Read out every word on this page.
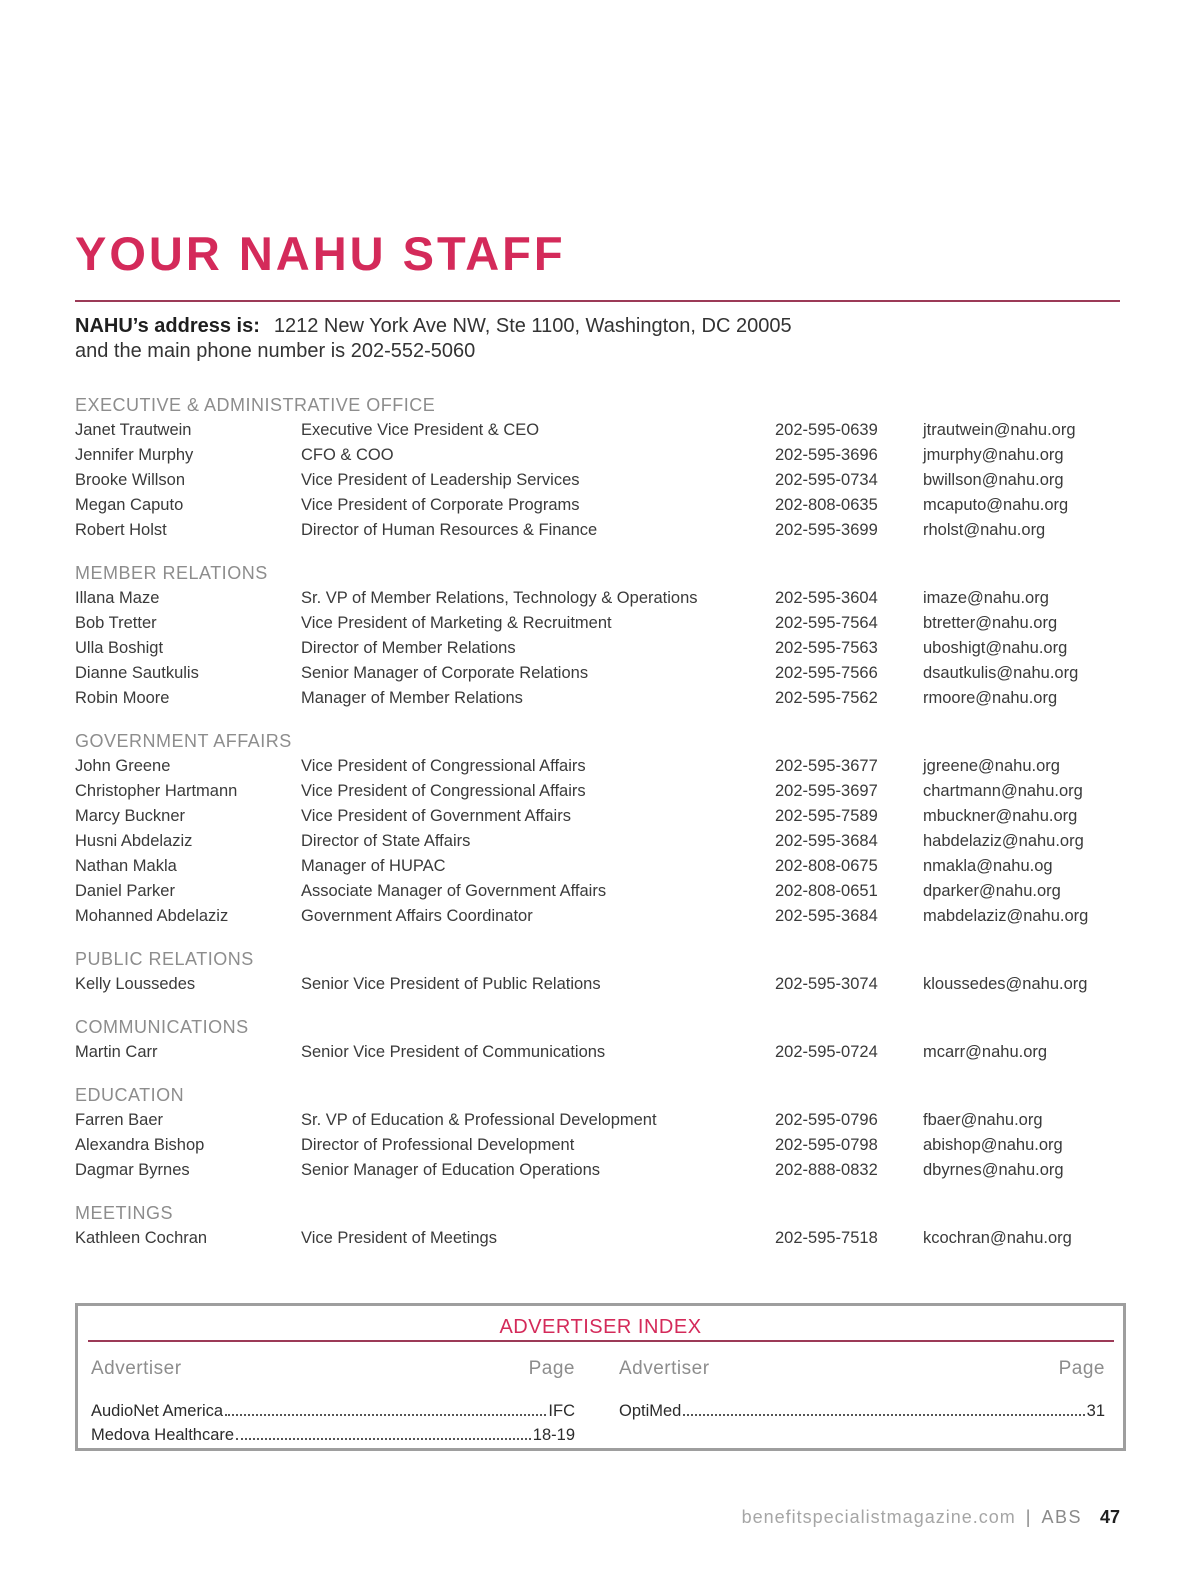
YOUR NAHU STAFF
NAHU’s address is: 1212 New York Ave NW, Ste 1100, Washington, DC 20005
and the main phone number is 202-552-5060
EXECUTIVE & ADMINISTRATIVE OFFICE
Janet Trautwein	Executive Vice President & CEO	202-595-0639	jtrautwein@nahu.org
Jennifer Murphy	CFO & COO	202-595-3696	jmurphy@nahu.org
Brooke Willson	Vice President of Leadership Services	202-595-0734	bwillson@nahu.org
Megan Caputo	Vice President of Corporate Programs	202-808-0635	mcaputo@nahu.org
Robert Holst	Director of Human Resources & Finance	202-595-3699	rholst@nahu.org
MEMBER RELATIONS
Illana Maze	Sr. VP of Member Relations, Technology & Operations	202-595-3604	imaze@nahu.org
Bob Tretter	Vice President of Marketing & Recruitment	202-595-7564	btretter@nahu.org
Ulla Boshigt	Director of Member Relations	202-595-7563	uboshigt@nahu.org
Dianne Sautkulis	Senior Manager of Corporate Relations	202-595-7566	dsautkulis@nahu.org
Robin Moore	Manager of Member Relations	202-595-7562	rmoore@nahu.org
GOVERNMENT AFFAIRS
John Greene	Vice President of Congressional Affairs	202-595-3677	jgreene@nahu.org
Christopher Hartmann	Vice President of Congressional Affairs	202-595-3697	chartmann@nahu.org
Marcy Buckner	Vice President of Government Affairs	202-595-7589	mbuckner@nahu.org
Husni Abdelaziz	Director of State Affairs	202-595-3684	habdelaziz@nahu.org
Nathan Makla	Manager of HUPAC	202-808-0675	nmakla@nahu.og
Daniel Parker	Associate Manager of Government Affairs	202-808-0651	dparker@nahu.org
Mohanned Abdelaziz	Government Affairs Coordinator	202-595-3684	mabdelaziz@nahu.org
PUBLIC RELATIONS
Kelly Loussedes	Senior Vice President of Public Relations	202-595-3074	kloussedes@nahu.org
COMMUNICATIONS
Martin Carr	Senior Vice President of Communications	202-595-0724	mcarr@nahu.org
EDUCATION
Farren Baer	Sr. VP of Education & Professional Development	202-595-0796	fbaer@nahu.org
Alexandra Bishop	Director of Professional Development	202-595-0798	abishop@nahu.org
Dagmar Byrnes	Senior Manager of Education Operations	202-888-0832	dbyrnes@nahu.org
MEETINGS
Kathleen Cochran	Vice President of Meetings	202-595-7518	kcochran@nahu.org
ADVERTISER INDEX
Advertiser	Page
AudioNet America	IFC
Medova Healthcare	18-19
Advertiser	Page
OptiMed	31
benefitspecialistmagazine.com | ABS 47
